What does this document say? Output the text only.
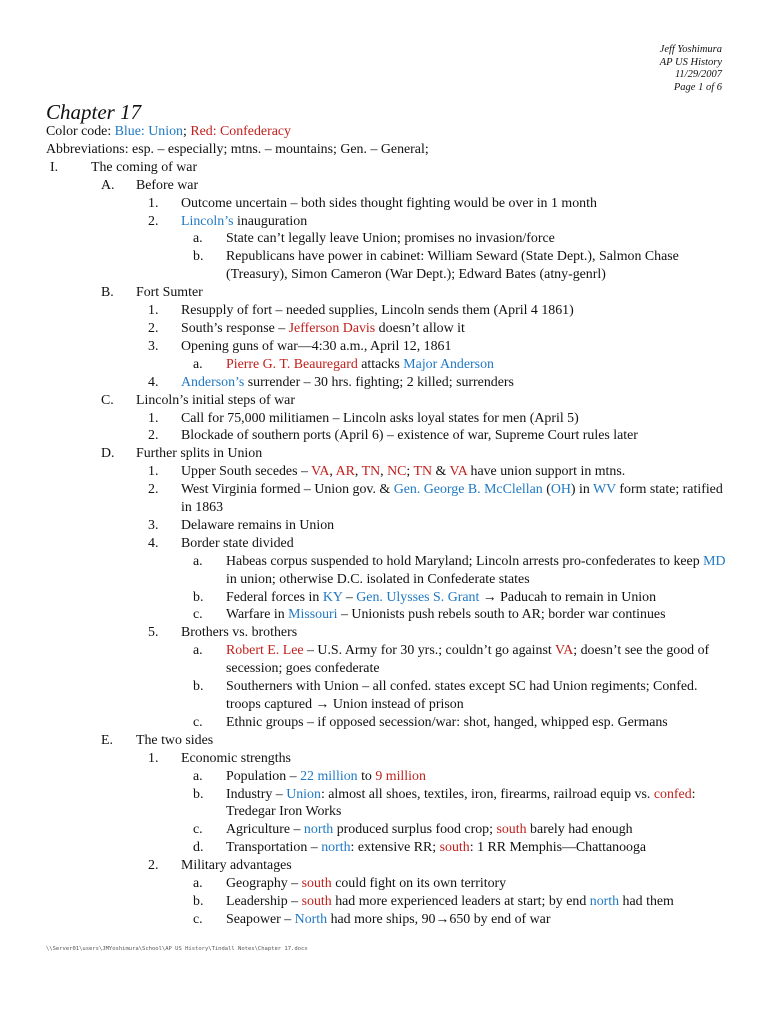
Jeff Yoshimura
AP US History
11/29/2007
Page 1 of 6
Chapter 17
Color code: Blue: Union; Red: Confederacy
Abbreviations: esp. – especially; mtns. – mountains; Gen. – General;
I.	The coming of war
A.	Before war
1.	Outcome uncertain – both sides thought fighting would be over in 1 month
2.	Lincoln’s inauguration
a.	State can’t legally leave Union; promises no invasion/force
b.	Republicans have power in cabinet: William Seward (State Dept.), Salmon Chase (Treasury), Simon Cameron (War Dept.); Edward Bates (atny-genrl)
B.	Fort Sumter
1.	Resupply of fort – needed supplies, Lincoln sends them (April 4 1861)
2.	South’s response – Jefferson Davis doesn’t allow it
3.	Opening guns of war—4:30 a.m., April 12, 1861
a.	Pierre G. T. Beauregard attacks Major Anderson
4.	Anderson’s surrender – 30 hrs. fighting; 2 killed; surrenders
C.	Lincoln’s initial steps of war
1.	Call for 75,000 militiamen – Lincoln asks loyal states for men (April 5)
2.	Blockade of southern ports (April 6) – existence of war, Supreme Court rules later
D.	Further splits in Union
1.	Upper South secedes – VA, AR, TN, NC; TN & VA have union support in mtns.
2.	West Virginia formed – Union gov. & Gen. George B. McClellan (OH) in WV form state; ratified in 1863
3.	Delaware remains in Union
4.	Border state divided
a.	Habeas corpus suspended to hold Maryland; Lincoln arrests pro-confederates to keep MD in union; otherwise D.C. isolated in Confederate states
b.	Federal forces in KY – Gen. Ulysses S. Grant → Paducah to remain in Union
c.	Warfare in Missouri – Unionists push rebels south to AR; border war continues
5.	Brothers vs. brothers
a.	Robert E. Lee – U.S. Army for 30 yrs.; couldn’t go against VA; doesn’t see the good of secession; goes confederate
b.	Southerners with Union – all confed. states except SC had Union regiments; Confed. troops captured → Union instead of prison
c.	Ethnic groups – if opposed secession/war: shot, hanged, whipped esp. Germans
E.	The two sides
1.	Economic strengths
a.	Population – 22 million to 9 million
b.	Industry – Union: almost all shoes, textiles, iron, firearms, railroad equip vs. confed: Tredegar Iron Works
c.	Agriculture – north produced surplus food crop; south barely had enough
d.	Transportation – north: extensive RR; south: 1 RR Memphis—Chattanooga
2.	Military advantages
a.	Geography – south could fight on its own territory
b.	Leadership – south had more experienced leaders at start; by end north had them
c.	Seapower – North had more ships, 90→650 by end of war
\\Server01\users\JMYoshimura\School\AP US History\Tindall Notes\Chapter 17.docx
